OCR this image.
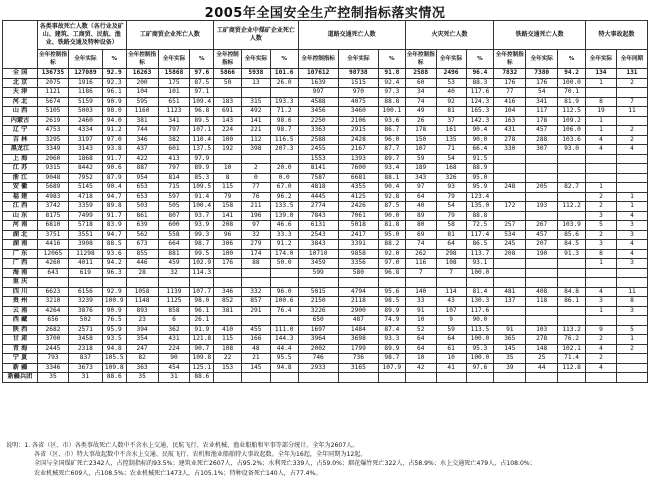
2005年全国安全生产控制指标落实情况
	各类事故死亡人数（各行业及矿山、建筑、工商贸、民航、渔业、铁路交通及特种设备）			工矿商贸企业死亡人数			工矿商贸企业中煤矿企业死亡人数			道路交通死亡人数			火灾死亡人数			铁路交通死亡人数			特大事故起数	
	全年控制指标	全年实际	%	全年控制指标	全年实际	%	全年控制指标	全年实际	%	全年控制指标	全年实际	%	全年控制指标	全年实际	%	全年控制指标	全年实际	%	全年实际	全年同期
全 国	136735	127089	92.9	16263	15868	97.6	5866	5938	101.6	107612	98738	91.8	2588	2496	96.4	7832	7380	94.2	134	131
北 京	2075	1916	92.3	200	175	87.5	50	13	26.0	1639	1515	92.4	60	53	88.3	176	176	100.0	1	2
天 津	1121	1186	96.1	104	101	97.1				997	970	97.3	34	40	117.6	77	54	70.1		
河 北	5674	5159	90.9	595	651	109.4	183	315	193.3	4588	4075	88.8	74	92	124.3	416	341	81.9	8	7
山 西	5105	5003	98.0	1160	1123	96.8	691	492	71.2	3456	3460	100.1	49	81	165.3	104	117	112.5	19	11
内蒙古	2619	2460	94.0	381	341	89.5	143	141	98.6	2250	2106	93.6	26	37	142.3	163	178	109.2	1	
辽 宁	4753	4334	91.2	744	797	107.1	224	221	98.7	3363	2915	86.7	178	161	90.4	431	457	106.0	1	2
吉 林	3295	3197	97.0	346	382	110.4	100	112	116.5	2588	2428	96.0	150	135	90.0	278	288	103.6	4	2
黑龙江	3349	3143	93.8	437	601	137.5	192	398	207.3	2455	2167	87.7	107	71	66.4	330	307	93.0	4	4
上 海	2060	1868	91.7	422	413	97.9				1553	1393	89.7	59	54	91.5					
江 苏	9315	8442	90.6	887	797	89.9	10	2	20.0	8141	7600	93.4	189	168	88.9					
浙 江	9048	7952	87.9	954	814	85.3	8	0	0.0	7587	6681	88.1	343	326	95.0					
安 徽	5689	5145	90.4	653	715	109.5	115	77	67.0	4818	4355	90.4	97	93	95.9	248	205	82.7	1	
福 建	4983	4718	94.7	653	597	91.4	79	76	96.2	4445	4125	92.8	64	79	123.4				2	1
江 西	3742	3359	89.8	503	505	100.4	158	211	133.5	2774	2426	87.5	40	54	135.0	172	193	112.2	2	1
山 东	8175	7499	91.7	861	807	93.7	141	196	139.0	7843	7061	90.0	89	79	88.8				3	4
河 南	6810	5718	83.9	639	600	93.9	208	97	46.6	6131	5018	81.8	80	58	72.5	257	267	103.9	5	3
湖 北	3751	3551	94.7	562	558	99.3	96	32	33.3	2543	2417	95.0	69	81	117.4	534	457	85.6	2	3
湖 南	4416	3908	88.5	673	664	98.7	306	279	91.2	3843	3391	88.2	74	64	86.5	245	207	84.5	3	4
广 东	12065	11298	93.6	855	881	99.5	100	174	174.0	10710	9858	92.0	262	298	113.7	208	190	91.3	8	4
广 西	4260	4011	94.2	446	459	102.9	176	88	50.0	3459	3356	97.0	116	108	93.1				1	3
海 南	643	619	96.3	28	32	114.3				599	580	96.8	7	7	100.0					
重 庆																				
四 川	6623	6156	92.9	1058	1139	107.7	346	332	96.0	5015	4794	95.6	140	114	81.4	481	408	84.8	4	11
贵 州	3210	3239	100.9	1148	1125	98.0	852	857	100.6	2150	2118	98.5	33	43	130.3	137	118	86.1	3	8
云 南	4264	3876	90.9	893	858	96.1	381	291	76.4	3226	2900	89.9	91	107	117.6				1	3
西 藏	656	502	76.5	23	6	26.1				650	487	74.9	10	9	90.0					
陕 西	2682	2571	95.9	394	362	91.9	410	455	111.0	1697	1484	87.4	52	59	113.5	91	103	113.2	9	5
甘 肃	3700	3458	93.5	354	431	121.8	115	166	144.3	3964	3698	93.3	64	64	100.0	365	278	76.2	2	1
青 海	2445	2318	94.8	247	224	90.7	108	48	44.4	2002	1799	89.9	64	61	95.3	145	148	102.1	4	2
宁 夏	793	837	105.5	82	90	109.8	22	21	95.5	746	736	98.7	10	10	100.0	35	25	71.4	2	
新 疆	3346	3673	109.8	363	454	125.1	153	145	94.8	2933	3165	107.9	42	41	97.6	39	44	112.8	4	
新疆兵团	35	31	88.6	35	31	88.6														
说明：1. 各省（区、市）各类事故死亡人数中不含水上交通、民航飞行、农业机械、渔业船舶和军事等部分统计。全年为2607人。
各省（区、市）特大事故起数中不含水上交通、民航飞行、农机和渔业船舶特大事故起数。全年为16起，全年同期为12起。
全国与全国煤矿死亡2342人，占控制指标的93.5%；建筑业死亡2607人，占95.2%；水利死亡339人，占59.0%；烟花爆竹死亡322人，占58.9%；水上交通死亡479人，占108.0%；
农业机械死亡609人，占108.5%；农业机械死亡1473人，占105.1%；特种设备死亡140人，占77.4%。
